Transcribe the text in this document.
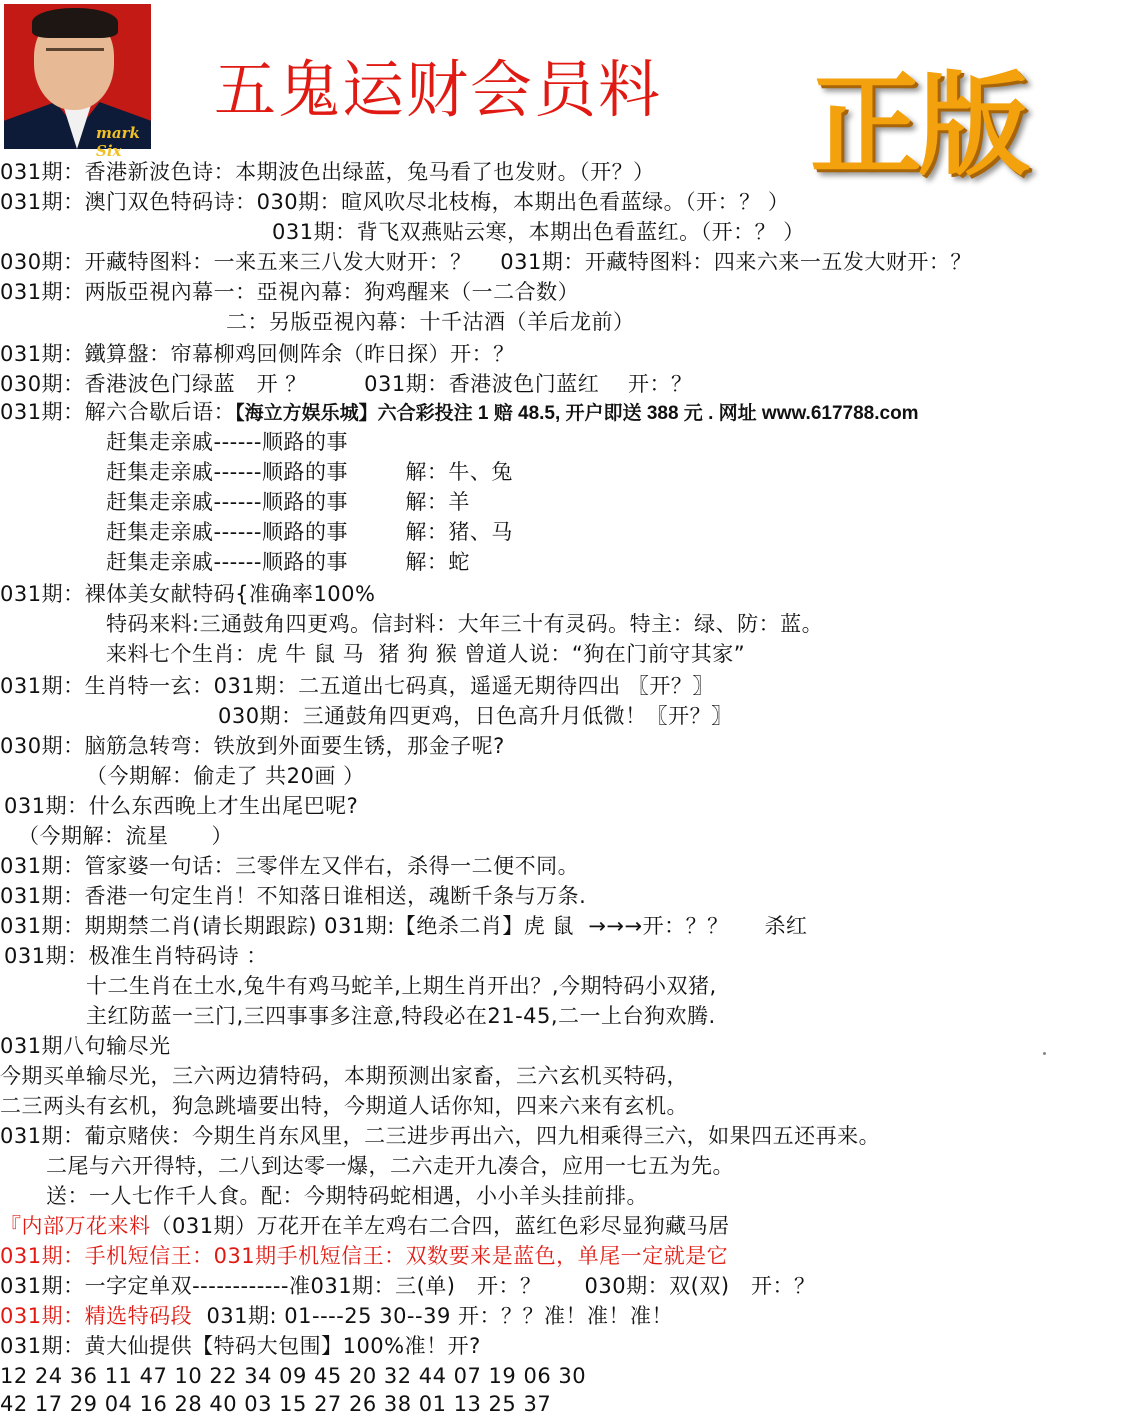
mark Six
五鬼运财会员料 正版
031期：香港新波色诗：本期波色出绿蓝，兔马看了也发财。（开？）
031期：澳门双色特码诗：030期：暄风吹尽北枝梅，本期出色看蓝绿。（开：？ ）
031期：背飞双燕贴云寒，本期出色看蓝红。（开：？ ）
030期：开藏特图料：一来五来三八发大财开：？    031期：开藏特图料：四来六来一五发大财开：？
031期：两版亞視內幕一：亞視內幕：狗鸡醒来（一二合数）
二：另版亞視內幕：十千沽酒（羊后龙前）
031期：鐵算盤：帘幕柳鸡回侧阵余（昨日探）开：？
030期：香港波色门绿蓝   开 ？        031期：香港波色门蓝红    开：？
031期：解六合歇后语：【海立方娱乐城】六合彩投注 1 赔 48.5, 开户即送 388 元 . 网址 www.617788.com
赶集走亲戚------顺路的事
赶集走亲戚------顺路的事        解：牛、兔
赶集走亲戚------顺路的事        解：羊
赶集走亲戚------顺路的事        解：猪、马
赶集走亲戚------顺路的事        解：蛇
031期：裸体美女献特码{准确率100%
特码来料:三通鼓角四更鸡。信封料：大年三十有灵码。特主：绿、防：蓝。
来料七个生肖：虎 牛 鼠 马  猪 狗 猴 曾道人说：“狗在门前守其家”
031期：生肖特一玄：031期：二五道出七码真，遥遥无期待四出 〖开？〗
030期：三通鼓角四更鸡，日色高升月低微！〖开？〗
030期：脑筋急转弯：铁放到外面要生锈，那金子呢?
（今期解：偷走了 共20画 ）
031期：什么东西晚上才生出尾巴呢?
（今期解：流星      ）
031期：管家婆一句话：三零伴左又伴右，杀得一二便不同。
031期：香港一句定生肖！不知落日谁相送，魂断千条与万条.
031期：期期禁二肖(请长期跟踪) 031期:【绝杀二肖】虎 鼠  →→→开：？？     杀红
031期：极准生肖特码诗 ：
十二生肖在土水,兔牛有鸡马蛇羊,上期生肖开出？,今期特码小双猪,
主红防蓝一三门,三四事事多注意,特段必在21-45,二一上台狗欢腾.
031期八句输尽光
今期买单输尽光，三六两边猜特码，本期预测出家畜，三六玄机买特码，
二三两头有玄机，狗急跳墙要出特，今期道人话你知，四来六来有玄机。
031期：葡京赌侠：今期生肖东风里，二三进步再出六，四九相乘得三六，如果四五还再来。
二尾与六开得特，二八到达零一爆，二六走开九凑合，应用一七五为先。
送：一人七作千人食。配：今期特码蛇相遇，小小羊头挂前排。
『内部万花来料（031期）万花开在羊左鸡右二合四，蓝红色彩尽显狗藏马居
031期：手机短信王：031期手机短信王：双数要来是蓝色，单尾一定就是它
031期：一字定单双------------准031期：三(单)   开：？      030期：双(双)   开：？
031期：精选特码段  031期: 01----25 30--39 开：？？准！准！准！
031期：黄大仙提供【特码大包围】100%准！开?
12 24 36 11 47 10 22 34 09 45 20 32 44 07 19 06 30
42 17 29 04 16 28 40 03 15 27 26 38 01 13 25 37
